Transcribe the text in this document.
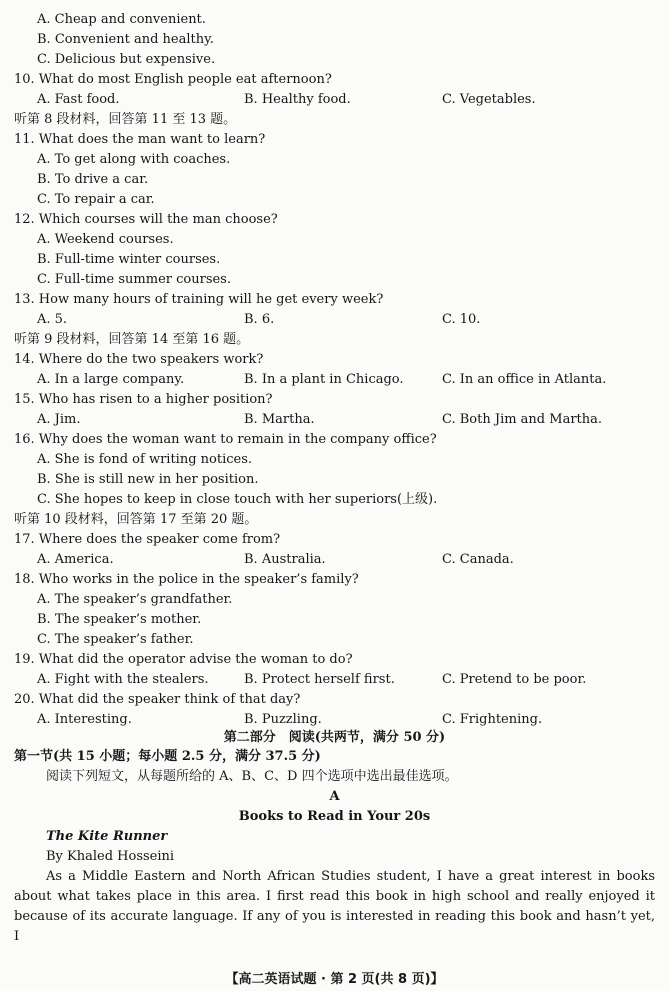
A. Cheap and convenient.
B. Convenient and healthy.
C. Delicious but expensive.
10. What do most English people eat afternoon?
A. Fast food.	B. Healthy food.	C. Vegetables.
听第 8 段材料，回答第 11 至 13 题。
11. What does the man want to learn?
A. To get along with coaches.
B. To drive a car.
C. To repair a car.
12. Which courses will the man choose?
A. Weekend courses.
B. Full-time winter courses.
C. Full-time summer courses.
13. How many hours of training will he get every week?
A. 5.	B. 6.	C. 10.
听第 9 段材料，回答第 14 至第 16 题。
14. Where do the two speakers work?
A. In a large company.	B. In a plant in Chicago.	C. In an office in Atlanta.
15. Who has risen to a higher position?
A. Jim.	B. Martha.	C. Both Jim and Martha.
16. Why does the woman want to remain in the company office?
A. She is fond of writing notices.
B. She is still new in her position.
C. She hopes to keep in close touch with her superiors(上级).
听第 10 段材料，回答第 17 至第 20 题。
17. Where does the speaker come from?
A. America.	B. Australia.	C. Canada.
18. Who works in the police in the speaker’s family?
A. The speaker’s grandfather.
B. The speaker’s mother.
C. The speaker’s father.
19. What did the operator advise the woman to do?
A. Fight with the stealers.	B. Protect herself first.	C. Pretend to be poor.
20. What did the speaker think of that day?
A. Interesting.	B. Puzzling.	C. Frightening.
第二部分　阅读(共两节，满分 50 分)
第一节(共 15 小题；每小题 2.5 分，满分 37.5 分)
阅读下列短文，从每题所给的 A、B、C、D 四个选项中选出最佳选项。
A
Books to Read in Your 20s
The Kite Runner
By Khaled Hosseini
As a Middle Eastern and North African Studies student, I have a great interest in books
about what takes place in this area. I first read this book in high school and really enjoyed it
because of its accurate language. If any of you is interested in reading this book and hasn’t yet, I
【高二英语试题 · 第 2 页(共 8 页)】
